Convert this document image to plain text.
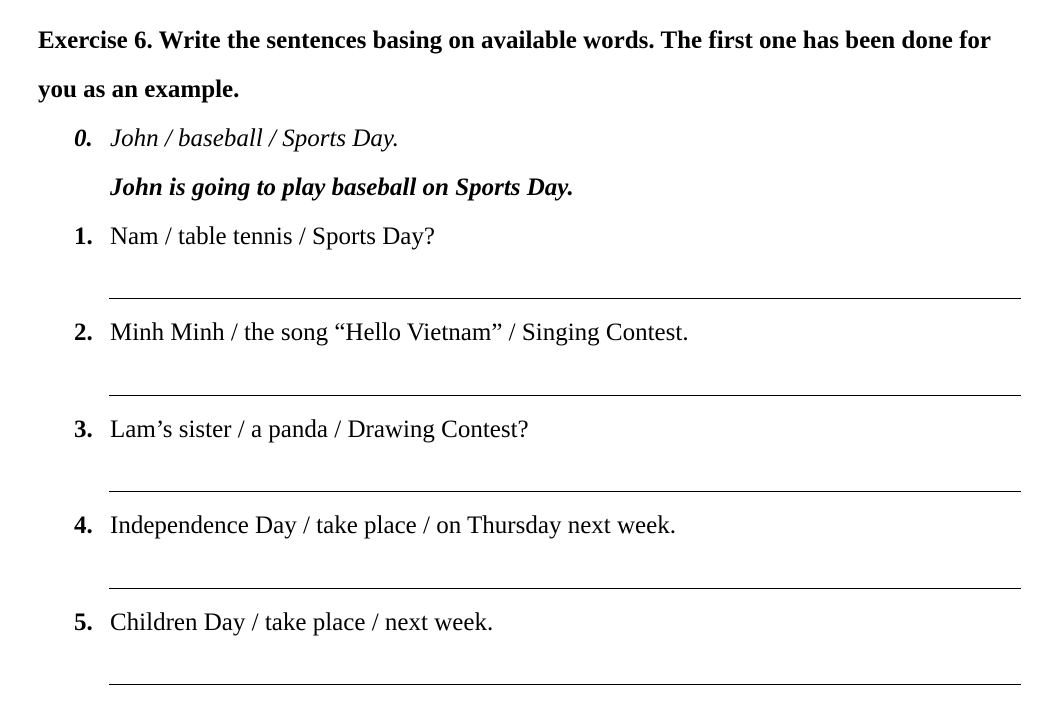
Exercise 6. Write the sentences basing on available words. The first one has been done for you as an example.
0. John / baseball / Sports Day.
John is going to play baseball on Sports Day.
1. Nam / table tennis / Sports Day?
2. Minh Minh / the song “Hello Vietnam” / Singing Contest.
3. Lam’s sister / a panda / Drawing Contest?
4. Independence Day / take place / on Thursday next week.
5. Children Day / take place / next week.
